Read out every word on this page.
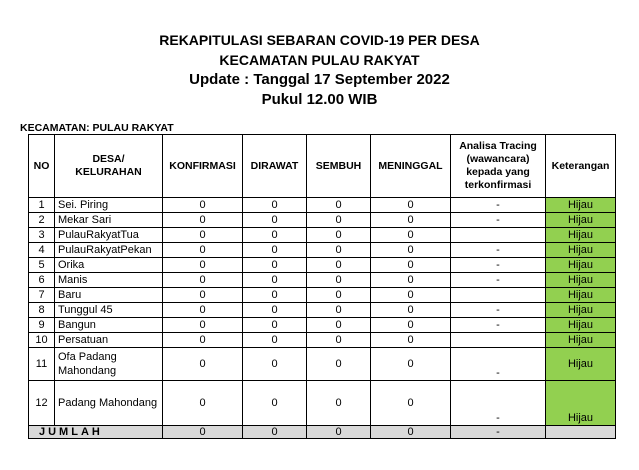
REKAPITULASI SEBARAN COVID-19 PER DESA
KECAMATAN PULAU RAKYAT
Update : Tanggal 17 September 2022
Pukul 12.00 WIB
KECAMATAN: PULAU RAKYAT
NO	DESA/ KELURAHAN	KONFIRMASI	DIRAWAT	SEMBUH	MENINGGAL	Analisa Tracing (wawancara) kepada yang terkonfirmasi	Keterangan
1	Sei. Piring	0	0	0	0	-	Hijau
2	Mekar Sari	0	0	0	0	-	Hijau
3	PulauRakyatTua	0	0	0	0		Hijau
4	PulauRakyatPekan	0	0	0	0	-	Hijau
5	Orika	0	0	0	0	-	Hijau
6	Manis	0	0	0	0	-	Hijau
7	Baru	0	0	0	0		Hijau
8	Tunggul 45	0	0	0	0	-	Hijau
9	Bangun	0	0	0	0	-	Hijau
10	Persatuan	0	0	0	0		Hijau
11	Ofa Padang Mahondang	0	0	0	0	-	Hijau
12	Padang Mahondang	0	0	0	0	-	Hijau
JUMLAH		0	0	0	0	-	
